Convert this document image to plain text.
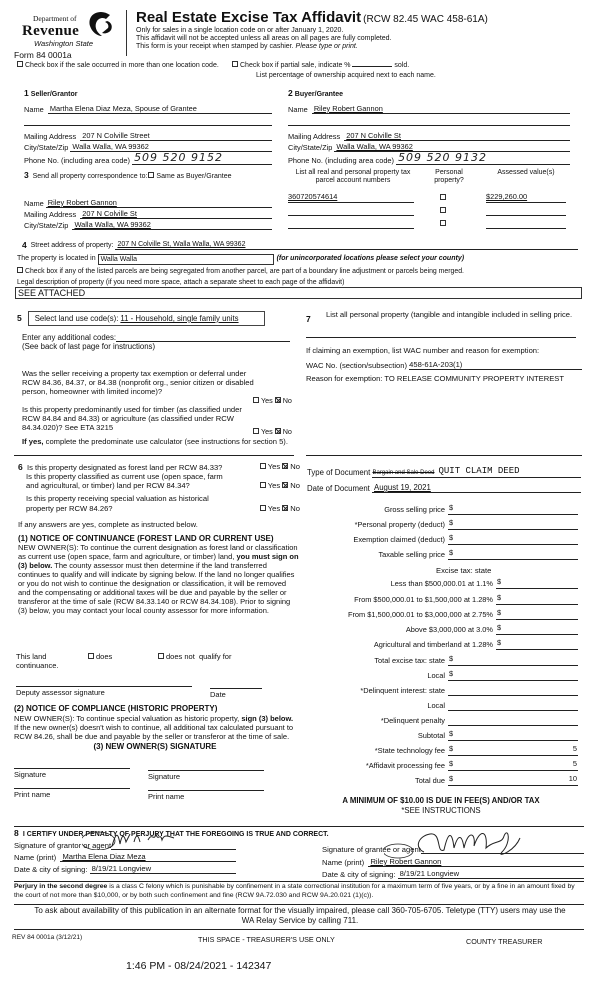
Department of
Revenue
Washington State
Form 84 0001a
Real Estate Excise Tax Affidavit (RCW 82.45 WAC 458-61A)
Only for sales in a single location code on or after January 1, 2020.
This affidavit will not be accepted unless all areas on all pages are fully completed.
This form is your receipt when stamped by cashier. Please type or print.
Check box if the sale occurred in more than one location code.	Check box if partial sale, indicate %	sold.
List percentage of ownership acquired next to each name.
1 Seller/Grantor
Name
Martha Elena Diaz Meza, Spouse of Grantee
Mailing Address
207 N Colville Street
City/State/Zip
Walla Walla, WA 99362
Phone No. (including area code)
509 520 9152
2 Buyer/Grantee
Name
Riley Robert Gannon
Mailing Address
207 N Colville St
City/State/Zip
Walla Walla, WA 99362
Phone No. (including area code)
509 520 9132
3 Send all property correspondence to: Same as Buyer/Grantee
Name
Riley Robert Gannon
Mailing Address
207 N Colville St
City/State/Zip
Walla Walla, WA 99362
List all real and personal property tax parcel account numbers
Personal property?
Assessed value(s)
360720574614	$229,260.00
4
Street address of property:
207 N Colville St, Walla Walla, WA 99362
The property is located in
Walla Walla	(for unincorporated locations please select your county)
Check box if any of the listed parcels are being segregated from another parcel, are part of a boundary line adjustment or parcels being merged.
Legal description of property (if you need more space, attach a separate sheet to each page of the affidavit)
SEE ATTACHED
5 Select land use code(s): 11 - Household, single family units
Enter any additional codes:
(See back of last page for instructions)
Was the seller receiving a property tax exemption or deferral under RCW 84.36, 84.37, or 84.38 (nonprofit org., senior citizen or disabled person, homeowner with limited income)?
Yes No
Is this property predominantly used for timber (as classified under RCW 84.84 and 84.33) or agriculture (as classified under RCW 84.34.020)? See ETA 3215	Yes No
If yes, complete the predominate use calculator (see instructions for section 5).
7	List all personal property (tangible and intangible included in selling price.
If claiming an exemption, list WAC number and reason for exemption:
WAC No. (section/subsection)
458-61A-203(1)
Reason for exemption: TO RELEASE COMMUNITY PROPERTY INTEREST
6 Is this property designated as forest land per RCW 84.33?	Yes No
Is this property classified as current use (open space, farm and agricultural, or timber) land per RCW 84.34?	Yes No
Is this property receiving special valuation as historical property per RCW 84.26?	Yes No
If any answers are yes, complete as instructed below.
(1) NOTICE OF CONTINUANCE (FOREST LAND OR CURRENT USE)
NEW OWNER(S): To continue the current designation as forest land or classification as current use (open space, farm and agriculture, or timber) land, you must sign on (3) below. The county assessor must then determine if the land transferred continues to qualify and will indicate by signing below. If the land no longer qualifies or you do not wish to continue the designation or classification, it will be removed and the compensating or additional taxes will be due and payable by the seller or transferor at the time of sale (RCW 84.33.140 or RCW 84.34.108). Prior to signing (3) below, you may contact your local county assessor for more information.
This land	does	does not qualify for
continuance.
Deputy assessor signature	Date
(2) NOTICE OF COMPLIANCE (HISTORIC PROPERTY)
NEW OWNER(S): To continue special valuation as historic property, sign (3) below. If the new owner(s) doesn't wish to continue, all additional tax calculated pursuant to RCW 84.26, shall be due and payable by the seller or transferor at the time of sale.
(3) NEW OWNER(S) SIGNATURE
Signature	Signature
Print name	Print name
Type of Document
Bargain and Sale Deed QUIT CLAIM DEED
Date of Document
August 19, 2021
Gross selling price $
*Personal property (deduct) $
Exemption claimed (deduct) $
Taxable selling price $
Excise tax: state
Less than $500,000.01 at 1.1% $
From $500,000.01 to $1,500,000 at 1.28% $
From $1,500,000.01 to $3,000,000 at 2.75% $
Above $3,000,000 at 3.0% $
Agricultural and timberland at 1.28% $
Total excise tax: state $
Local $
*Delinquent interest: state
Local
*Delinquent penalty
Subtotal $
*State technology fee $	5
*Affidavit processing fee $	5
Total due $	10
A MINIMUM OF $10.00 IS DUE IN FEE(S) AND/OR TAX
*SEE INSTRUCTIONS
8 I CERTIFY UNDER PENALTY OF PERJURY THAT THE FOREGOING IS TRUE AND CORRECT.
Signature of grantor or agent

Name (print)
Martha Elena Diaz Meza
Date & city of signing:
8/19/21 Longview
Signature of grantee or agent

Name (print)
Riley Robert Gannon
Date & city of signing:
8/19/21 Longview
Perjury in the second degree is a class C felony which is punishable by confinement in a state correctional institution for a maximum term of five years, or by a fine in an amount fixed by the court of not more than $10,000, or by both such confinement and fine (RCW 9A.72.030 and RCW 9A.20.021 (1)(c)).
To ask about availability of this publication in an alternate format for the visually impaired, please call 360-705-6705. Teletype (TTY) users may use the WA Relay Service by calling 711.
REV 84 0001a (3/12/21)	THIS SPACE - TREASURER'S USE ONLY	COUNTY TREASURER
1:46 PM - 08/24/2021 - 142347
